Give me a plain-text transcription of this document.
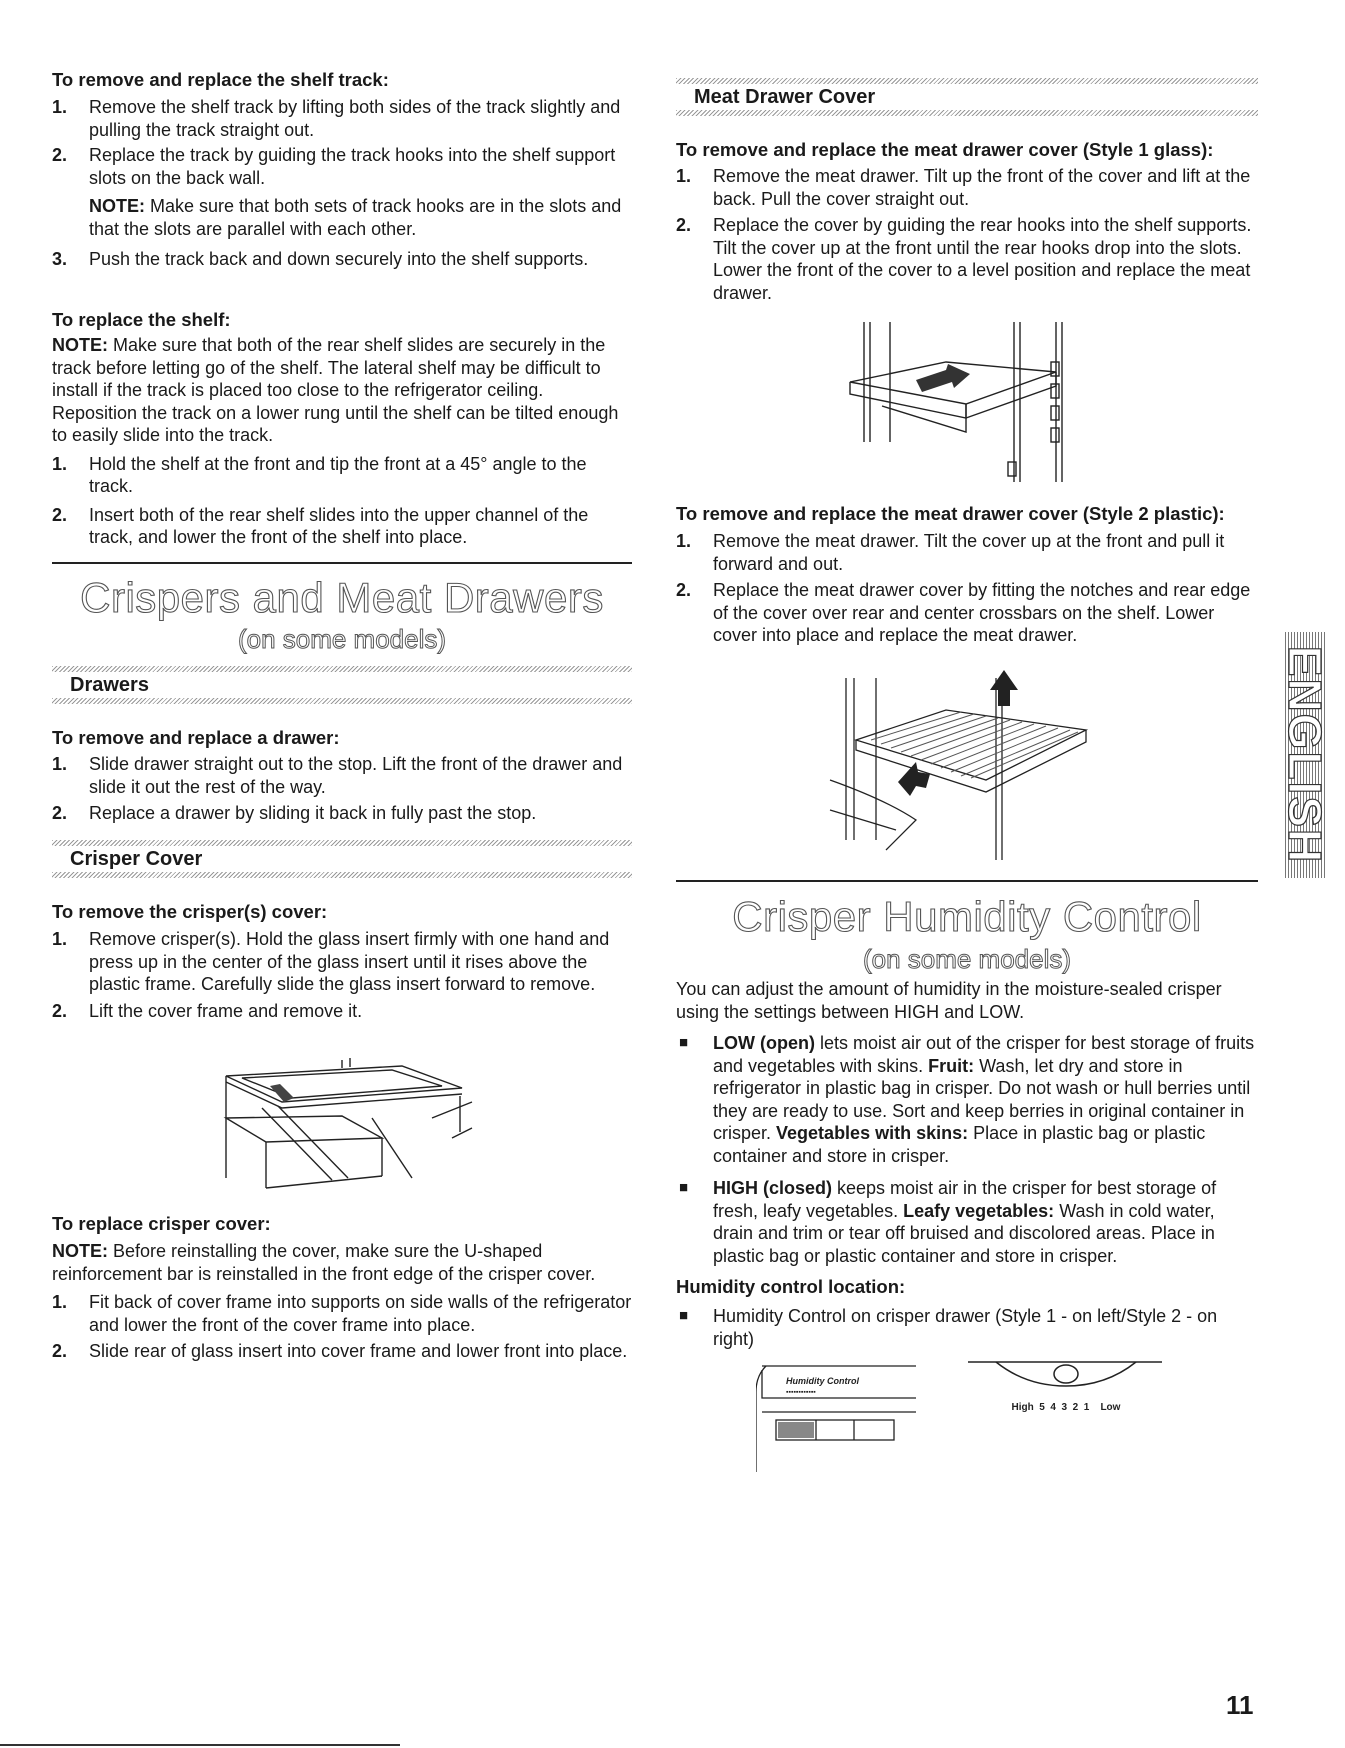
To remove and replace the shelf track:

1. Remove the shelf track by lifting both sides of the track slightly and pulling the track straight out.

2. Replace the track by guiding the track hooks into the shelf support slots on the back wall.

NOTE: Make sure that both sets of track hooks are in the slots and that the slots are parallel with each other.

3. Push the track back and down securely into the shelf supports.

To replace the shelf:

NOTE: Make sure that both of the rear shelf slides are securely in the track before letting go of the shelf. The lateral shelf may be difficult to install if the track is placed too close to the refrigerator ceiling. Reposition the track on a lower rung until the shelf can be tilted enough to easily slide into the track.

1. Hold the shelf at the front and tip the front at a 45° angle to the track.

2. Insert both of the rear shelf slides into the upper channel of the track, and lower the front of the shelf into place.

Crispers and Meat Drawers
(on some models)
Drawers

To remove and replace a drawer:

1. Slide drawer straight out to the stop. Lift the front of the drawer and slide it out the rest of the way.

2. Replace a drawer by sliding it back in fully past the stop.

Crisper Cover

To remove the crisper(s) cover:

1. Remove crisper(s). Hold the glass insert firmly with one hand and press up in the center of the glass insert until it rises above the plastic frame. Carefully slide the glass insert forward to remove.

2. Lift the cover frame and remove it.

To replace crisper cover:

NOTE: Before reinstalling the cover, make sure the U-shaped reinforcement bar is reinstalled in the front edge of the crisper cover.

1. Fit back of cover frame into supports on side walls of the refrigerator and lower the front of the cover frame into place.

2. Slide rear of glass insert into cover frame and lower front into place.

Meat Drawer Cover

To remove and replace the meat drawer cover (Style 1 glass):

1. Remove the meat drawer. Tilt up the front of the cover and lift at the back. Pull the cover straight out.

2. Replace the cover by guiding the rear hooks into the shelf supports. Tilt the cover up at the front until the rear hooks drop into the slots. Lower the front of the cover to a level position and replace the meat drawer.

To remove and replace the meat drawer cover (Style 2 plastic):

1. Remove the meat drawer. Tilt the cover up at the front and pull it forward and out.

2. Replace the meat drawer cover by fitting the notches and rear edge of the cover over rear and center crossbars on the shelf. Lower cover into place and replace the meat drawer.

Crisper Humidity Control
(on some models)

You can adjust the amount of humidity in the moisture-sealed crisper using the settings between HIGH and LOW.

■ LOW (open) lets moist air out of the crisper for best storage of fruits and vegetables with skins. Fruit: Wash, let dry and store in refrigerator in plastic bag in crisper. Do not wash or hull berries until they are ready to use. Sort and keep berries in original container in crisper. Vegetables with skins: Place in plastic bag or plastic container and store in crisper.

■ HIGH (closed) keeps moist air in the crisper for best storage of fresh, leafy vegetables. Leafy vegetables: Wash in cold water, drain and trim or tear off bruised and discolored areas. Place in plastic bag or plastic container and store in crisper.

Humidity control location:

■ Humidity Control on crisper drawer (Style 1 - on left/Style 2 - on right)

Humidity Control
▪▪▪▪▪▪▪▪▪▪▪▪
High  5  4  3  2  1    Low
ENGLISH
11
